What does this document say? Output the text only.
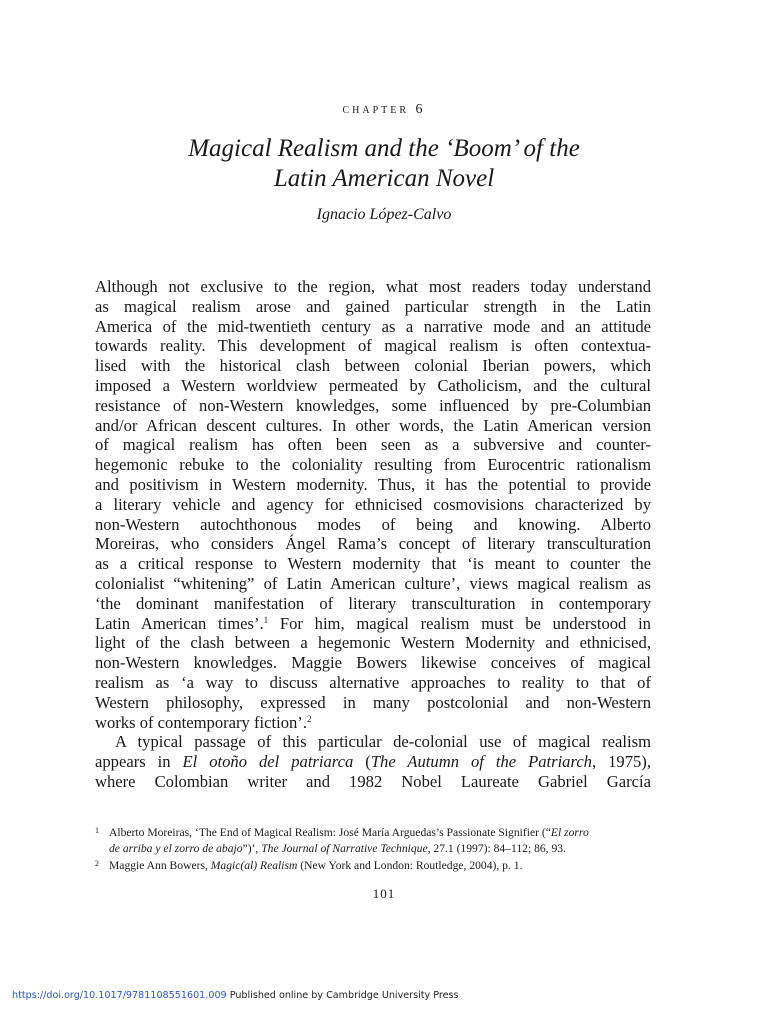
chapter 6
Magical Realism and the ‘Boom’ of the
Latin American Novel
Ignacio López-Calvo
Although not exclusive to the region, what most readers today understand
as magical realism arose and gained particular strength in the Latin
America of the mid-twentieth century as a narrative mode and an attitude
towards reality. This development of magical realism is often contextua-
lised with the historical clash between colonial Iberian powers, which
imposed a Western worldview permeated by Catholicism, and the cultural
resistance of non-Western knowledges, some influenced by pre-Columbian
and/or African descent cultures. In other words, the Latin American version
of magical realism has often been seen as a subversive and counter-
hegemonic rebuke to the coloniality resulting from Eurocentric rationalism
and positivism in Western modernity. Thus, it has the potential to provide
a literary vehicle and agency for ethnicised cosmovisions characterized by
non-Western autochthonous modes of being and knowing. Alberto
Moreiras, who considers Ángel Rama’s concept of literary transculturation
as a critical response to Western modernity that ‘is meant to counter the
colonialist “whitening” of Latin American culture’, views magical realism as
‘the dominant manifestation of literary transculturation in contemporary
Latin American times’.$^1$ For him, magical realism must be understood in
light of the clash between a hegemonic Western Modernity and ethnicised,
non-Western knowledges. Maggie Bowers likewise conceives of magical
realism as ‘a way to discuss alternative approaches to reality to that of
Western philosophy, expressed in many postcolonial and non-Western
works of contemporary fiction’.$^2$
A typical passage of this particular de-colonial use of magical realism
appears in El otoño del patriarca (The Autumn of the Patriarch, 1975),
where Colombian writer and 1982 Nobel Laureate Gabriel García
1 Alberto Moreiras, ‘The End of Magical Realism: José María Arguedas’s Passionate Signifier (“El zorro
de arriba y el zorro de abajo”)’, The Journal of Narrative Technique, 27.1 (1997): 84–112; 86, 93.
2 Maggie Ann Bowers, Magic(al) Realism (New York and London: Routledge, 2004), p. 1.
101
https://doi.org/10.1017/9781108551601.009 Published online by Cambridge University Press
